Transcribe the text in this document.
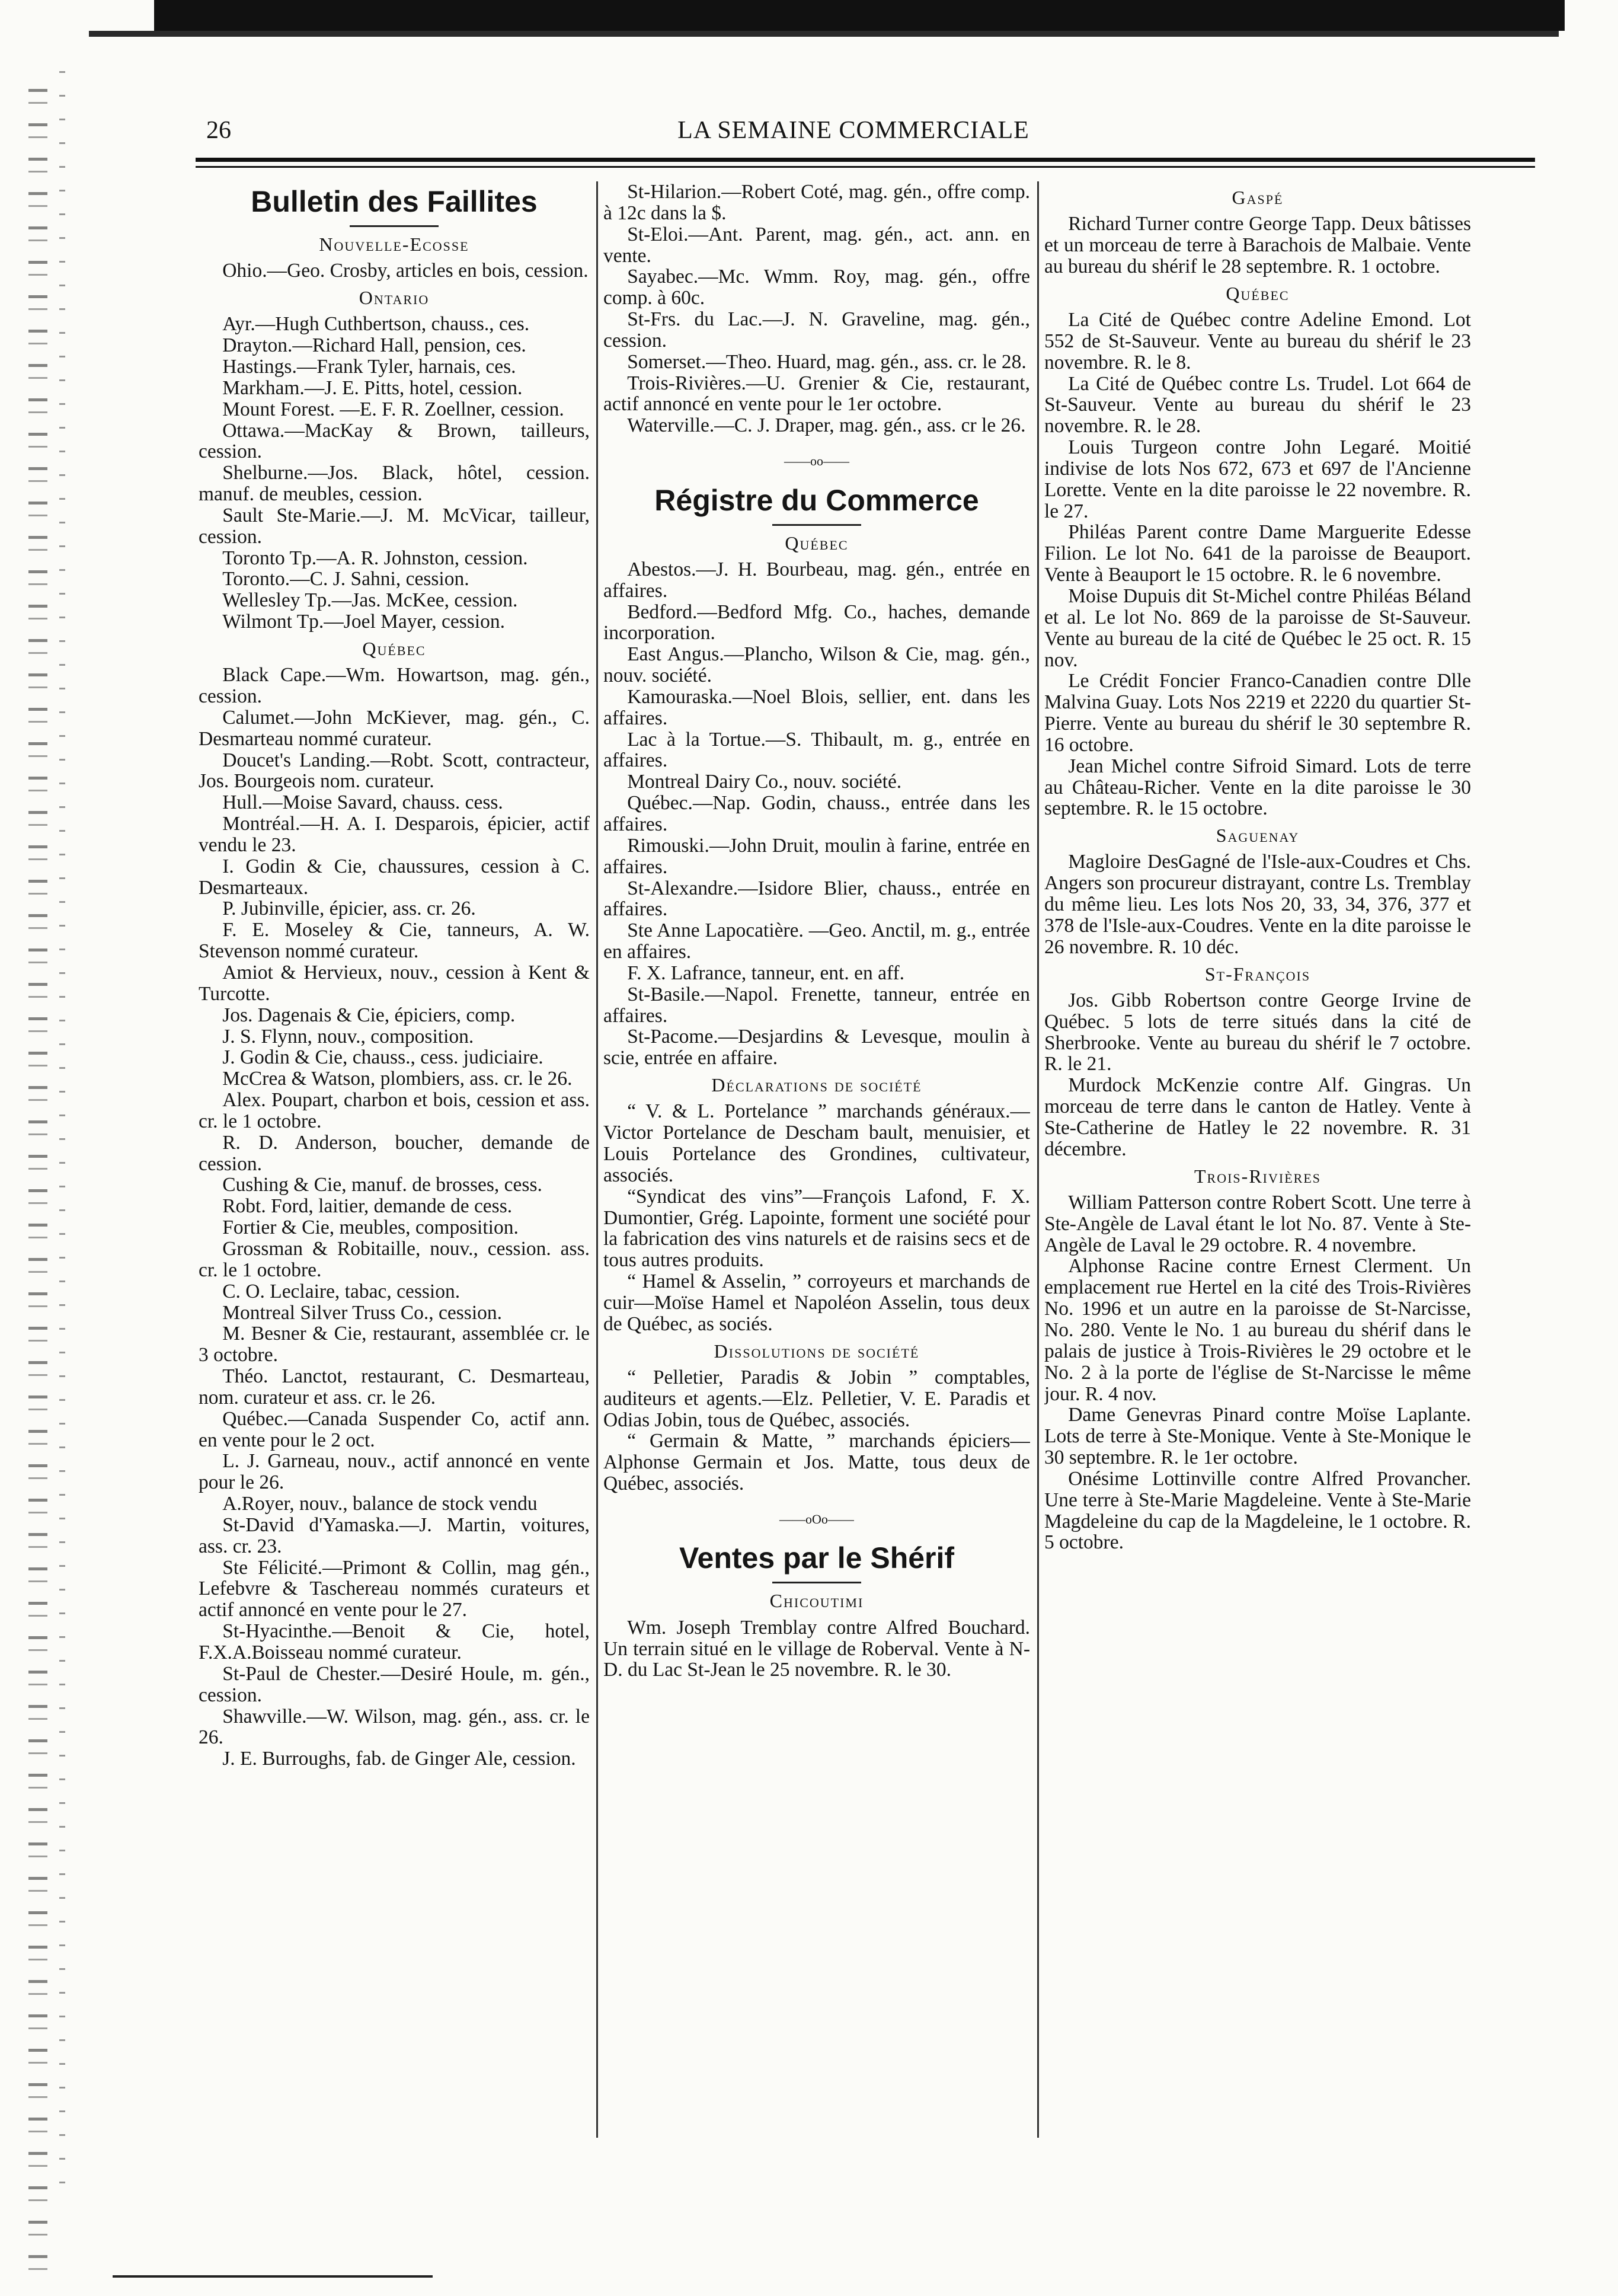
26	LA SEMAINE COMMERCIALE
Bulletin des Faillites
Nouvelle-Ecosse

Ohio.—Geo. Crosby, articles en bois, cession.

Ontario

Ayr.—Hugh Cuthbertson, chauss., ces.

Drayton.—Richard Hall, pension, ces.

Hastings.—Frank Tyler, harnais, ces.

Markham.—J. E. Pitts, hotel, cession.

Mount Forest. —E. F. R. Zoellner, cession.

Ottawa.—MacKay & Brown, tailleurs, cession.

Shelburne.—Jos. Black, hôtel, cession. manuf. de meubles, cession.

Sault Ste-Marie.—J. M. McVicar, tailleur, cession.

Toronto Tp.—A. R. Johnston, cession.

Toronto.—C. J. Sahni, cession.

Wellesley Tp.—Jas. McKee, cession.

Wilmont Tp.—Joel Mayer, cession.

Québec

Black Cape.—Wm. Howartson, mag. gén., cession.

Calumet.—John McKiever, mag. gén., C. Desmarteau nommé curateur.

Doucet's Landing.—Robt. Scott, contracteur, Jos. Bourgeois nom. curateur.

Hull.—Moise Savard, chauss. cess.

Montréal.—H. A. I. Desparois, épicier, actif vendu le 23.

I. Godin & Cie, chaussures, cession à C. Desmarteaux.

P. Jubinville, épicier, ass. cr. 26.

F. E. Moseley & Cie, tanneurs, A. W. Stevenson nommé curateur.

Amiot & Hervieux, nouv., cession à Kent & Turcotte.

Jos. Dagenais & Cie, épiciers, comp.

J. S. Flynn, nouv., composition.

J. Godin & Cie, chauss., cess. judiciaire.

McCrea & Watson, plombiers, ass. cr. le 26.

Alex. Poupart, charbon et bois, cession et ass. cr. le 1 octobre.

R. D. Anderson, boucher, demande de cession.

Cushing & Cie, manuf. de brosses, cess.

Robt. Ford, laitier, demande de cess.

Fortier & Cie, meubles, composition.

Grossman & Robitaille, nouv., cession. ass. cr. le 1 octobre.

C. O. Leclaire, tabac, cession.

Montreal Silver Truss Co., cession.

M. Besner & Cie, restaurant, assemblée cr. le 3 octobre.

Théo. Lanctot, restaurant, C. Desmarteau, nom. curateur et ass. cr. le 26.

Québec.—Canada Suspender Co, actif ann. en vente pour le 2 oct.

L. J. Garneau, nouv., actif annoncé en vente pour le 26.

A.Royer, nouv., balance de stock vendu

St-David d'Yamaska.—J. Martin, voitures, ass. cr. 23.

Ste Félicité.—Primont & Collin, mag gén., Lefebvre & Taschereau nommés curateurs et actif annoncé en vente pour le 27.

St-Hyacinthe.—Benoit & Cie, hotel, F.X.A.Boisseau nommé curateur.

St-Paul de Chester.—Desiré Houle, m. gén., cession.

Shawville.—W. Wilson, mag. gén., ass. cr. le 26.

J. E. Burroughs, fab. de Ginger Ale, cession.

St-Hilarion.—Robert Coté, mag. gén., offre comp. à 12c dans la $.

St-Eloi.—Ant. Parent, mag. gén., act. ann. en vente.

Sayabec.—Mc. Wmm. Roy, mag. gén., offre comp. à 60c.

St-Frs. du Lac.—J. N. Graveline, mag. gén., cession.

Somerset.—Theo. Huard, mag. gén., ass. cr. le 28.

Trois-Rivières.—U. Grenier & Cie, restaurant, actif annoncé en vente pour le 1er octobre.

Waterville.—C. J. Draper, mag. gén., ass. cr le 26.

——oo——
Régistre du Commerce
Québec

Abestos.—J. H. Bourbeau, mag. gén., entrée en affaires.

Bedford.—Bedford Mfg. Co., haches, demande incorporation.

East Angus.—Plancho, Wilson & Cie, mag. gén., nouv. société.

Kamouraska.—Noel Blois, sellier, ent. dans les affaires.

Lac à la Tortue.—S. Thibault, m. g., entrée en affaires.

Montreal Dairy Co., nouv. société.

Québec.—Nap. Godin, chauss., entrée dans les affaires.

Rimouski.—John Druit, moulin à farine, entrée en affaires.

St-Alexandre.—Isidore Blier, chauss., entrée en affaires.

Ste Anne Lapocatière. —Geo. Anctil, m. g., entrée en affaires.

F. X. Lafrance, tanneur, ent. en aff.

St-Basile.—Napol. Frenette, tanneur, entrée en affaires.

St-Pacome.—Desjardins & Levesque, moulin à scie, entrée en affaire.

Déclarations de société

“ V. & L. Portelance ” marchands généraux.—Victor Portelance de Descham bault, menuisier, et Louis Portelance des Grondines, cultivateur, associés.

“Syndicat des vins”—François Lafond, F. X. Dumontier, Grég. Lapointe, forment une société pour la fabrication des vins naturels et de raisins secs et de tous autres produits.

“ Hamel & Asselin, ” corroyeurs et marchands de cuir—Moïse Hamel et Napoléon Asselin, tous deux de Québec, as sociés.

Dissolutions de société

“ Pelletier, Paradis & Jobin ” comptables, auditeurs et agents.—Elz. Pelletier, V. E. Paradis et Odias Jobin, tous de Québec, associés.

“ Germain & Matte, ” marchands épiciers—Alphonse Germain et Jos. Matte, tous deux de Québec, associés.

——oOo——
Ventes par le Shérif
Chicoutimi

Wm. Joseph Tremblay contre Alfred Bouchard. Un terrain situé en le village de Roberval. Vente à N-D. du Lac St-Jean le 25 novembre. R. le 30.

Gaspé

Richard Turner contre George Tapp. Deux bâtisses et un morceau de terre à Barachois de Malbaie. Vente au bureau du shérif le 28 septembre. R. 1 octobre.

Québec

La Cité de Québec contre Adeline Emond. Lot 552 de St-Sauveur. Vente au bureau du shérif le 23 novembre. R. le 8.

La Cité de Québec contre Ls. Trudel. Lot 664 de St-Sauveur. Vente au bureau du shérif le 23 novembre. R. le 28.

Louis Turgeon contre John Legaré. Moitié indivise de lots Nos 672, 673 et 697 de l'Ancienne Lorette. Vente en la dite paroisse le 22 novembre. R. le 27.

Philéas Parent contre Dame Marguerite Edesse Filion. Le lot No. 641 de la paroisse de Beauport. Vente à Beauport le 15 octobre. R. le 6 novembre.

Moise Dupuis dit St-Michel contre Philéas Béland et al. Le lot No. 869 de la paroisse de St-Sauveur. Vente au bureau de la cité de Québec le 25 oct. R. 15 nov.

Le Crédit Foncier Franco-Canadien contre Dlle Malvina Guay. Lots Nos 2219 et 2220 du quartier St-Pierre. Vente au bureau du shérif le 30 septembre R. 16 octobre.

Jean Michel contre Sifroid Simard. Lots de terre au Château-Richer. Vente en la dite paroisse le 30 septembre. R. le 15 octobre.

Saguenay

Magloire DesGagné de l'Isle-aux-Coudres et Chs. Angers son procureur distrayant, contre Ls. Tremblay du même lieu. Les lots Nos 20, 33, 34, 376, 377 et 378 de l'Isle-aux-Coudres. Vente en la dite paroisse le 26 novembre. R. 10 déc.

St-François

Jos. Gibb Robertson contre George Irvine de Québec. 5 lots de terre situés dans la cité de Sherbrooke. Vente au bureau du shérif le 7 octobre. R. le 21.

Murdock McKenzie contre Alf. Gingras. Un morceau de terre dans le canton de Hatley. Vente à Ste-Catherine de Hatley le 22 novembre. R. 31 décembre.

Trois-Rivières

William Patterson contre Robert Scott. Une terre à Ste-Angèle de Laval étant le lot No. 87. Vente à Ste-Angèle de Laval le 29 octobre. R. 4 novembre.

Alphonse Racine contre Ernest Clerment. Un emplacement rue Hertel en la cité des Trois-Rivières No. 1996 et un autre en la paroisse de St-Narcisse, No. 280. Vente le No. 1 au bureau du shérif dans le palais de justice à Trois-Rivières le 29 octobre et le No. 2 à la porte de l'église de St-Narcisse le même jour. R. 4 nov.

Dame Genevras Pinard contre Moïse Laplante. Lots de terre à Ste-Monique. Vente à Ste-Monique le 30 septembre. R. le 1er octobre.

Onésime Lottinville contre Alfred Provancher. Une terre à Ste-Marie Magdeleine. Vente à Ste-Marie Magdeleine du cap de la Magdeleine, le 1 octobre. R. 5 octobre.
